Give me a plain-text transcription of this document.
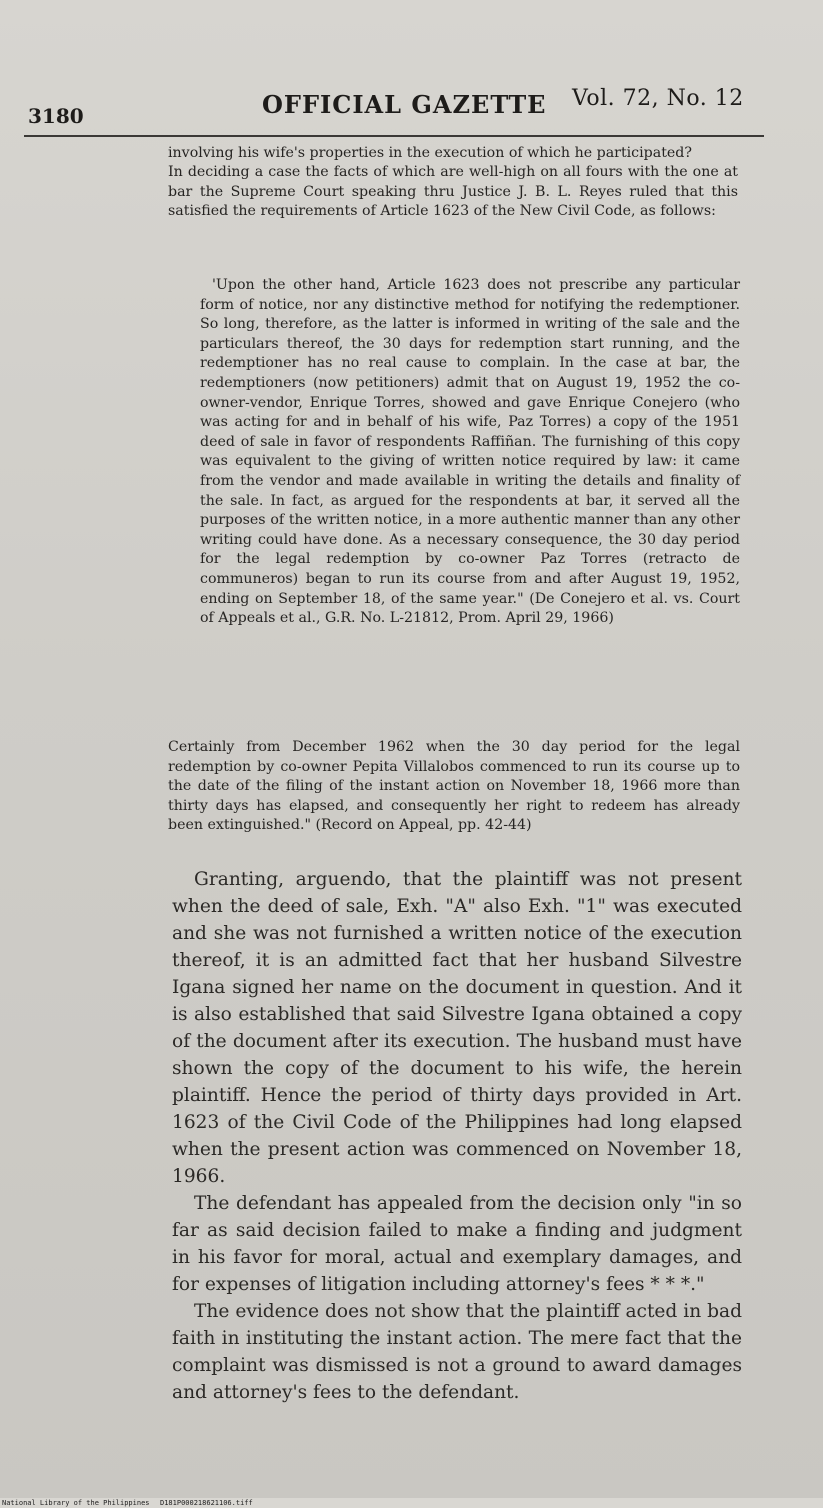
3180	OFFICIAL GAZETTE Vol. 72, No. 12

involving his wife's properties in the execution of which he participated?

In deciding a case the facts of which are well-high on all fours with the one at bar the Supreme Court speaking thru Justice J. B. L. Reyes ruled that this satisfied the requirements of Article 1623 of the New Civil Code, as follows:

'Upon the other hand, Article 1623 does not prescribe any particular form of notice, nor any distinctive method for notifying the redemptioner. So long, therefore, as the latter is informed in writing of the sale and the particulars thereof, the 30 days for redemption start running, and the redemptioner has no real cause to complain. In the case at bar, the redemptioners (now petitioners) admit that on August 19, 1952 the co-owner-vendor, Enrique Torres, showed and gave Enrique Conejero (who was acting for and in behalf of his wife, Paz Torres) a copy of the 1951 deed of sale in favor of respondents Raffiñan. The furnishing of this copy was equivalent to the giving of written notice required by law: it came from the vendor and made available in writing the details and finality of the sale. In fact, as argued for the respondents at bar, it served all the purposes of the written notice, in a more authentic manner than any other writing could have done. As a necessary consequence, the 30 day period for the legal redemption by co-owner Paz Torres (retracto de communeros) began to run its course from and after August 19, 1952, ending on September 18, of the same year." (De Conejero et al. vs. Court of Appeals et al., G.R. No. L-21812, Prom. April 29, 1966)

Certainly from December 1962 when the 30 day period for the legal redemption by co-owner Pepita Villalobos commenced to run its course up to the date of the filing of the instant action on November 18, 1966 more than thirty days has elapsed, and consequently her right to redeem has already been extinguished." (Record on Appeal, pp. 42-44)

Granting, arguendo, that the plaintiff was not present when the deed of sale, Exh. "A" also Exh. "1" was executed and she was not furnished a written notice of the execution thereof, it is an admitted fact that her husband Silvestre Igana signed her name on the document in question. And it is also established that said Silvestre Igana obtained a copy of the document after its execution. The husband must have shown the copy of the document to his wife, the herein plaintiff. Hence the period of thirty days provided in Art. 1623 of the Civil Code of the Philippines had long elapsed when the present action was commenced on November 18, 1966.

The defendant has appealed from the decision only "in so far as said decision failed to make a finding and judgment in his favor for moral, actual and exemplary damages, and for expenses of litigation including attorney's fees * * *."

The evidence does not show that the plaintiff acted in bad faith in instituting the instant action. The mere fact that the complaint was dismissed is not a ground to award damages and attorney's fees to the defendant.

National Library of the Philippines D181P000218621106.tiff
